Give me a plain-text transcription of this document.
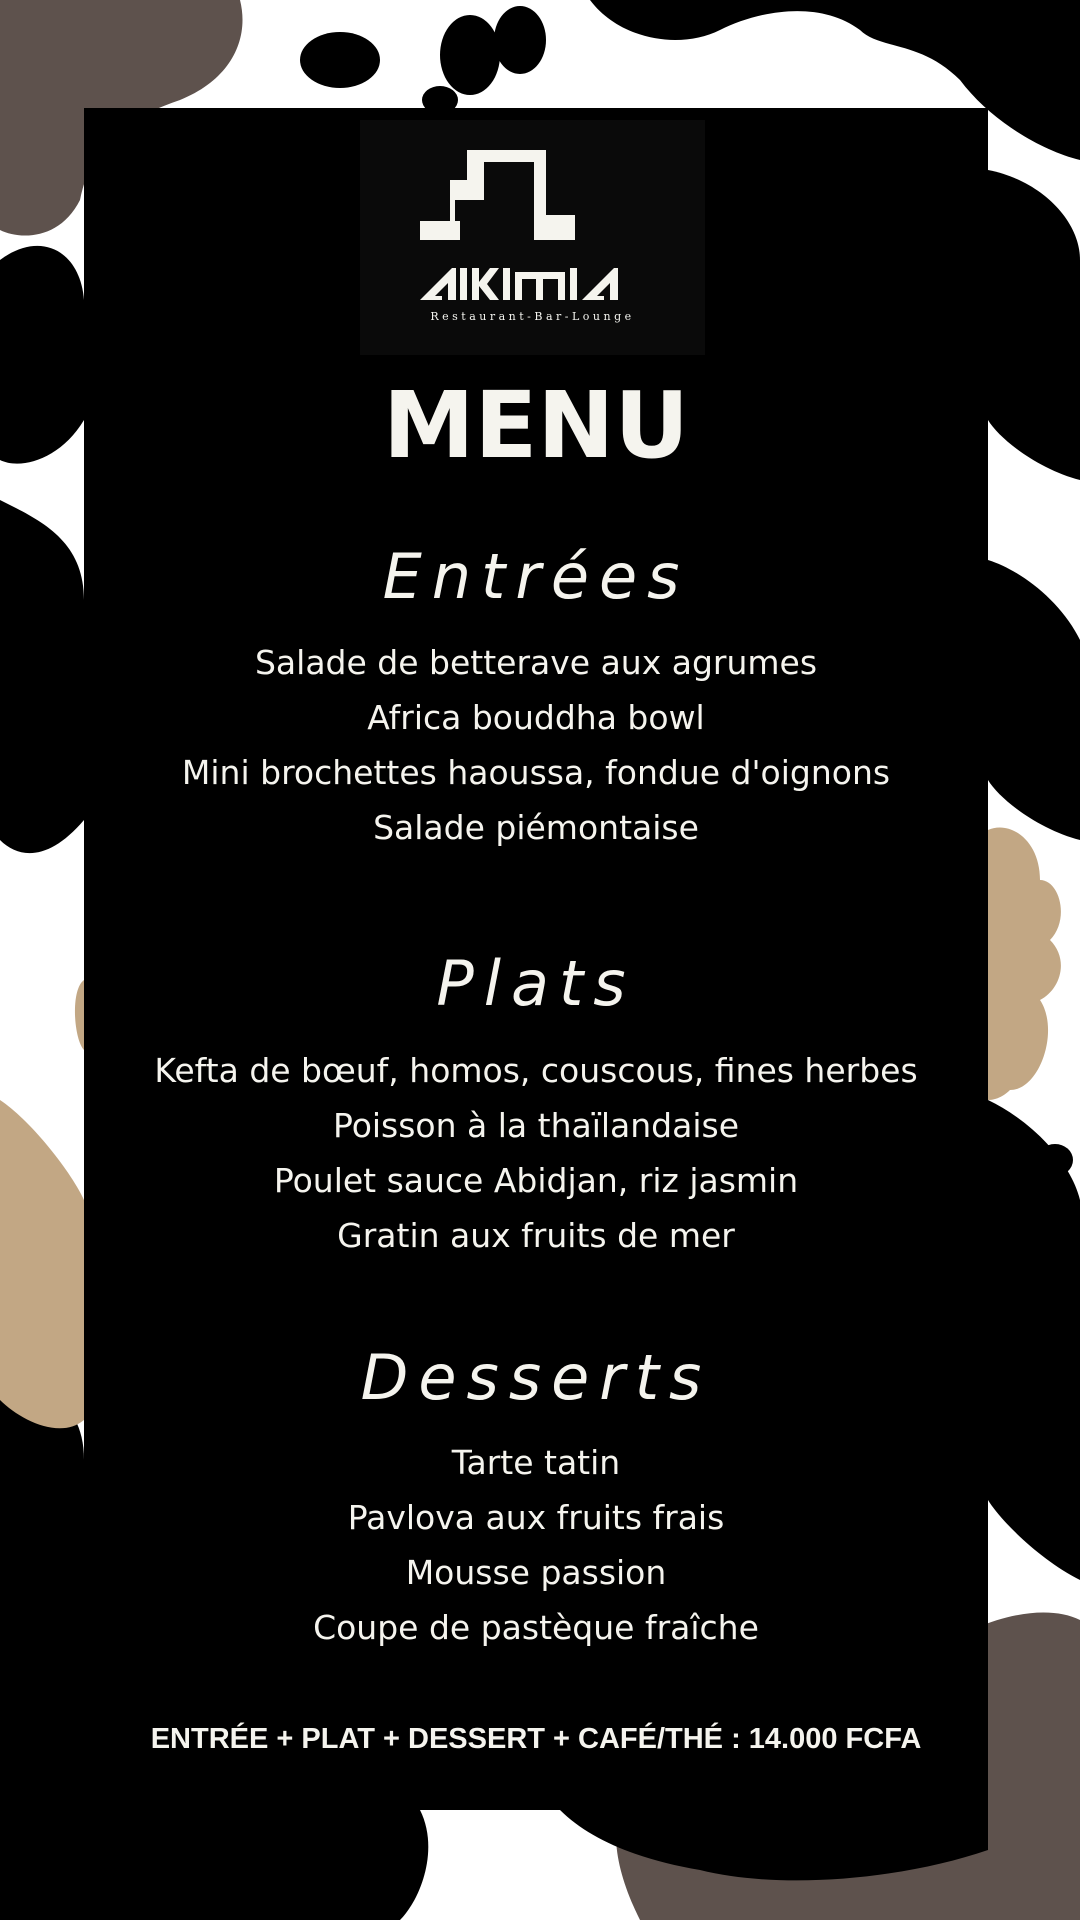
Restaurant-Bar-Lounge
MENU
Entrées
Salade de betterave aux agrumes
Africa bouddha bowl
Mini brochettes haoussa, fondue d'oignons
Salade piémontaise
Plats
Kefta de bœuf, homos, couscous, fines herbes
Poisson à la thaïlandaise
Poulet sauce Abidjan, riz jasmin
Gratin aux fruits de mer
Desserts
Tarte tatin
Pavlova aux fruits frais
Mousse passion
Coupe de pastèque fraîche
ENTRÉE + PLAT + DESSERT + CAFÉ/THÉ : 14.000 FCFA
